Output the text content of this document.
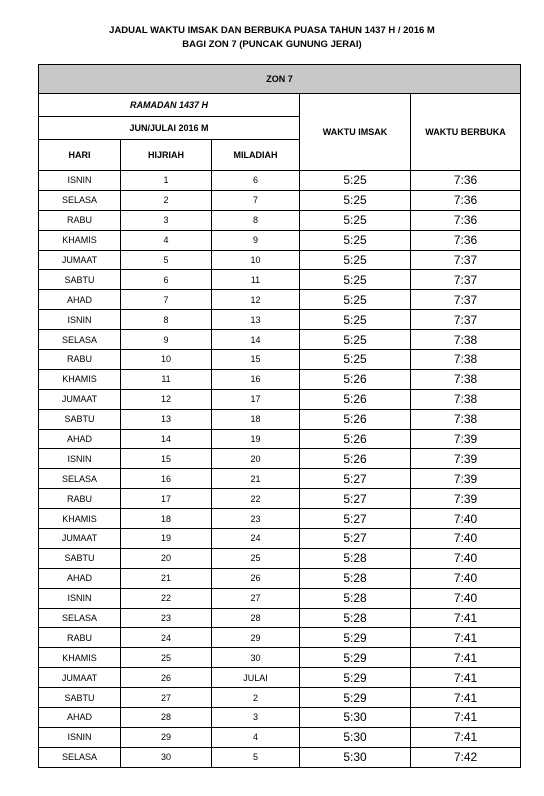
JADUAL WAKTU IMSAK DAN BERBUKA PUASA TAHUN 1437 H / 2016 M
BAGI ZON 7 (PUNCAK GUNUNG JERAI)
ZON 7				
RAMADAN 1437 H			WAKTU IMSAK	WAKTU BERBUKA
JUN/JULAI 2016 M				
HARI	HIJRIAH	MILADIAH		
ISNIN	1	6	5:25	7:36
SELASA	2	7	5:25	7:36
RABU	3	8	5:25	7:36
KHAMIS	4	9	5:25	7:36
JUMAAT	5	10	5:25	7:37
SABTU	6	11	5:25	7:37
AHAD	7	12	5:25	7:37
ISNIN	8	13	5:25	7:37
SELASA	9	14	5:25	7:38
RABU	10	15	5:25	7:38
KHAMIS	11	16	5:26	7:38
JUMAAT	12	17	5:26	7:38
SABTU	13	18	5:26	7:38
AHAD	14	19	5:26	7:39
ISNIN	15	20	5:26	7:39
SELASA	16	21	5:27	7:39
RABU	17	22	5:27	7:39
KHAMIS	18	23	5:27	7:40
JUMAAT	19	24	5:27	7:40
SABTU	20	25	5:28	7:40
AHAD	21	26	5:28	7:40
ISNIN	22	27	5:28	7:40
SELASA	23	28	5:28	7:41
RABU	24	29	5:29	7:41
KHAMIS	25	30	5:29	7:41
JUMAAT	26	JULAI	5:29	7:41
SABTU	27	2	5:29	7:41
AHAD	28	3	5:30	7:41
ISNIN	29	4	5:30	7:41
SELASA	30	5	5:30	7:42
